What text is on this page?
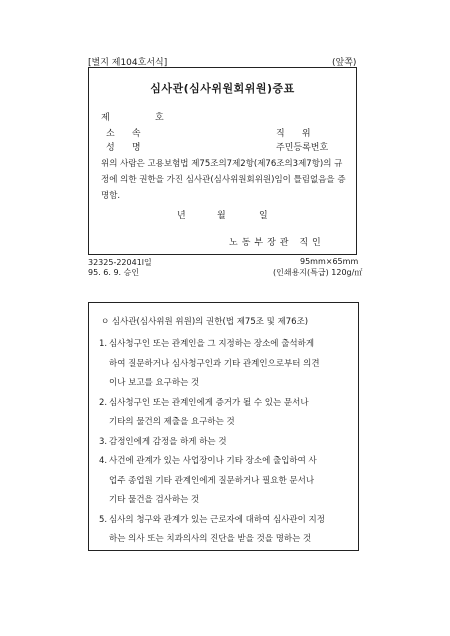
[별지 제104호서식]	(앞쪽)
심사관(심사위원회위원)증표
제	호
소      속	직      위
성      명	주민등록번호
위의 사람은 고용보험법 제75조의7제2항(제76조의3제7항)의 규정에 의한 권한을 가진 심사관(심사위원회위원)임이 틀림없음을 증명함.
년	월	일
노동부장관 직인
32325-22041l일
95. 6. 9. 승인
95mm×65mm
(인쇄용지(특급) 120g/㎡
ㅇ 심사관(심사위원 위원)의 권한(법 제75조 및 제76조)
1. 심사청구인 또는 관계인을 그 지정하는 장소에 출석하게
하여 질문하거나 심사청구인과 기타 관계인으로부터 의견
이나 보고를 요구하는 것
2. 심사청구인 또는 관계인에게 증거가 될 수 있는 문서나
기타의 물건의 제출을 요구하는 것
3. 감정인에게 감정을 하게 하는 것
4. 사건에 관계가 있는 사업장이나 기타 장소에 출입하여 사
업주 종업원 기타 관계인에게 질문하거나 필요한 문서나
기타 물건을 검사하는 것
5. 심사의 청구와 관계가 있는 근로자에 대하여 심사관이 지정
하는 의사 또는 치과의사의 진단을 받을 것을 명하는 것
